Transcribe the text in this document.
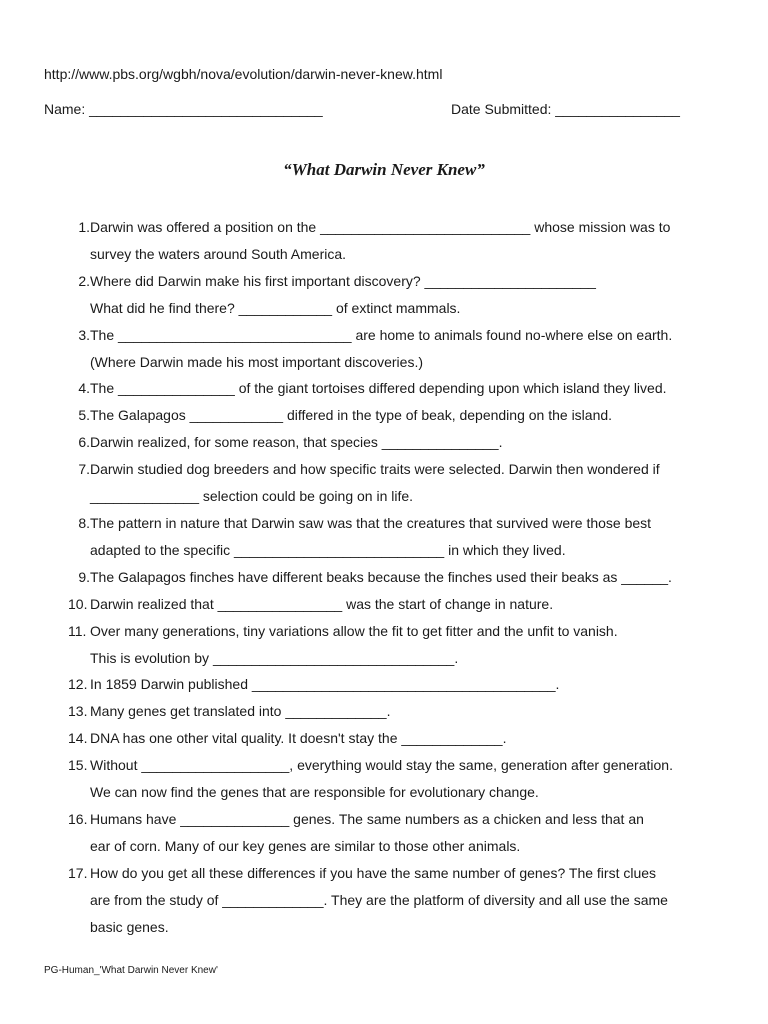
http://www.pbs.org/wgbh/nova/evolution/darwin-never-knew.html
Name: ______________________________	Date Submitted: ________________
“What Darwin Never Knew”
1. Darwin was offered a position on the ___________________________ whose mission was to
survey the waters around South America.
2. Where did Darwin make his first important discovery? ______________________
What did he find there? ____________ of extinct mammals.
3. The ______________________________ are home to animals found no-where else on earth.
(Where Darwin made his most important discoveries.)
4. The _______________ of the giant tortoises differed depending upon which island they lived.
5. The Galapagos ____________ differed in the type of beak, depending on the island.
6. Darwin realized, for some reason, that species _______________.
7. Darwin studied dog breeders and how specific traits were selected. Darwin then wondered if
______________ selection could be going on in life.
8. The pattern in nature that Darwin saw was that the creatures that survived were those best
adapted to the specific ___________________________ in which they lived.
9. The Galapagos finches have different beaks because the finches used their beaks as ______.
10. Darwin realized that ________________ was the start of change in nature.
11. Over many generations, tiny variations allow the fit to get fitter and the unfit to vanish.
This is evolution by _______________________________.
12. In 1859 Darwin published _______________________________________.
13. Many genes get translated into _____________.
14. DNA has one other vital quality. It doesn't stay the _____________.
15. Without ___________________, everything would stay the same, generation after generation.
We can now find the genes that are responsible for evolutionary change.
16. Humans have ______________ genes. The same numbers as a chicken and less that an
ear of corn. Many of our key genes are similar to those other animals.
17. How do you get all these differences if you have the same number of genes? The first clues
are from the study of _____________. They are the platform of diversity and all use the same
basic genes.
PG-Human_'What Darwin Never Knew'
